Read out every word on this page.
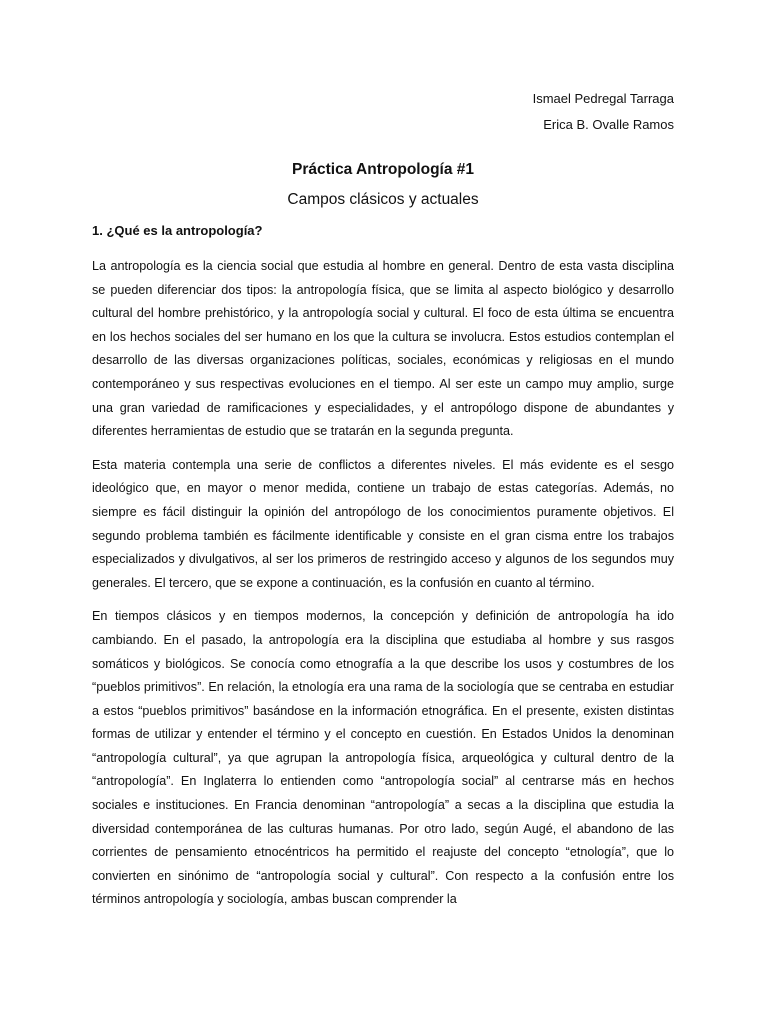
Ismael Pedregal Tarraga
Erica B. Ovalle Ramos
Práctica Antropología #1
Campos clásicos y actuales
1. ¿Qué es la antropología?

La antropología es la ciencia social que estudia al hombre en general. Dentro de esta vasta disciplina se pueden diferenciar dos tipos: la antropología física, que se limita al aspecto biológico y desarrollo cultural del hombre prehistórico, y la antropología social y cultural. El foco de esta última se encuentra en los hechos sociales del ser humano en los que la cultura se involucra. Estos estudios contemplan el desarrollo de las diversas organizaciones políticas, sociales, económicas y religiosas en el mundo contemporáneo y sus respectivas evoluciones en el tiempo. Al ser este un campo muy amplio, surge una gran variedad de ramificaciones y especialidades, y el antropólogo dispone de abundantes y diferentes herramientas de estudio que se tratarán en la segunda pregunta.

Esta materia contempla una serie de conflictos a diferentes niveles. El más evidente es el sesgo ideológico que, en mayor o menor medida, contiene un trabajo de estas categorías. Además, no siempre es fácil distinguir la opinión del antropólogo de los conocimientos puramente objetivos. El segundo problema también es fácilmente identificable y consiste en el gran cisma entre los trabajos especializados y divulgativos, al ser los primeros de restringido acceso y algunos de los segundos muy generales. El tercero, que se expone a continuación, es la confusión en cuanto al término.

En tiempos clásicos y en tiempos modernos, la concepción y definición de antropología ha ido cambiando. En el pasado, la antropología era la disciplina que estudiaba al hombre y sus rasgos somáticos y biológicos. Se conocía como etnografía a la que describe los usos y costumbres de los “pueblos primitivos”. En relación, la etnología era una rama de la sociología que se centraba en estudiar a estos “pueblos primitivos” basándose en la información etnográfica. En el presente, existen distintas formas de utilizar y entender el término y el concepto en cuestión. En Estados Unidos la denominan “antropología cultural”, ya que agrupan la antropología física, arqueológica y cultural dentro de la “antropología”. En Inglaterra lo entienden como “antropología social” al centrarse más en hechos sociales e instituciones. En Francia denominan “antropología” a secas a la disciplina que estudia la diversidad contemporánea de las culturas humanas. Por otro lado, según Augé, el abandono de las corrientes de pensamiento etnocéntricos ha permitido el reajuste del concepto “etnología”, que lo convierten en sinónimo de “antropología social y cultural”. Con respecto a la confusión entre los términos antropología y sociología, ambas buscan comprender la
